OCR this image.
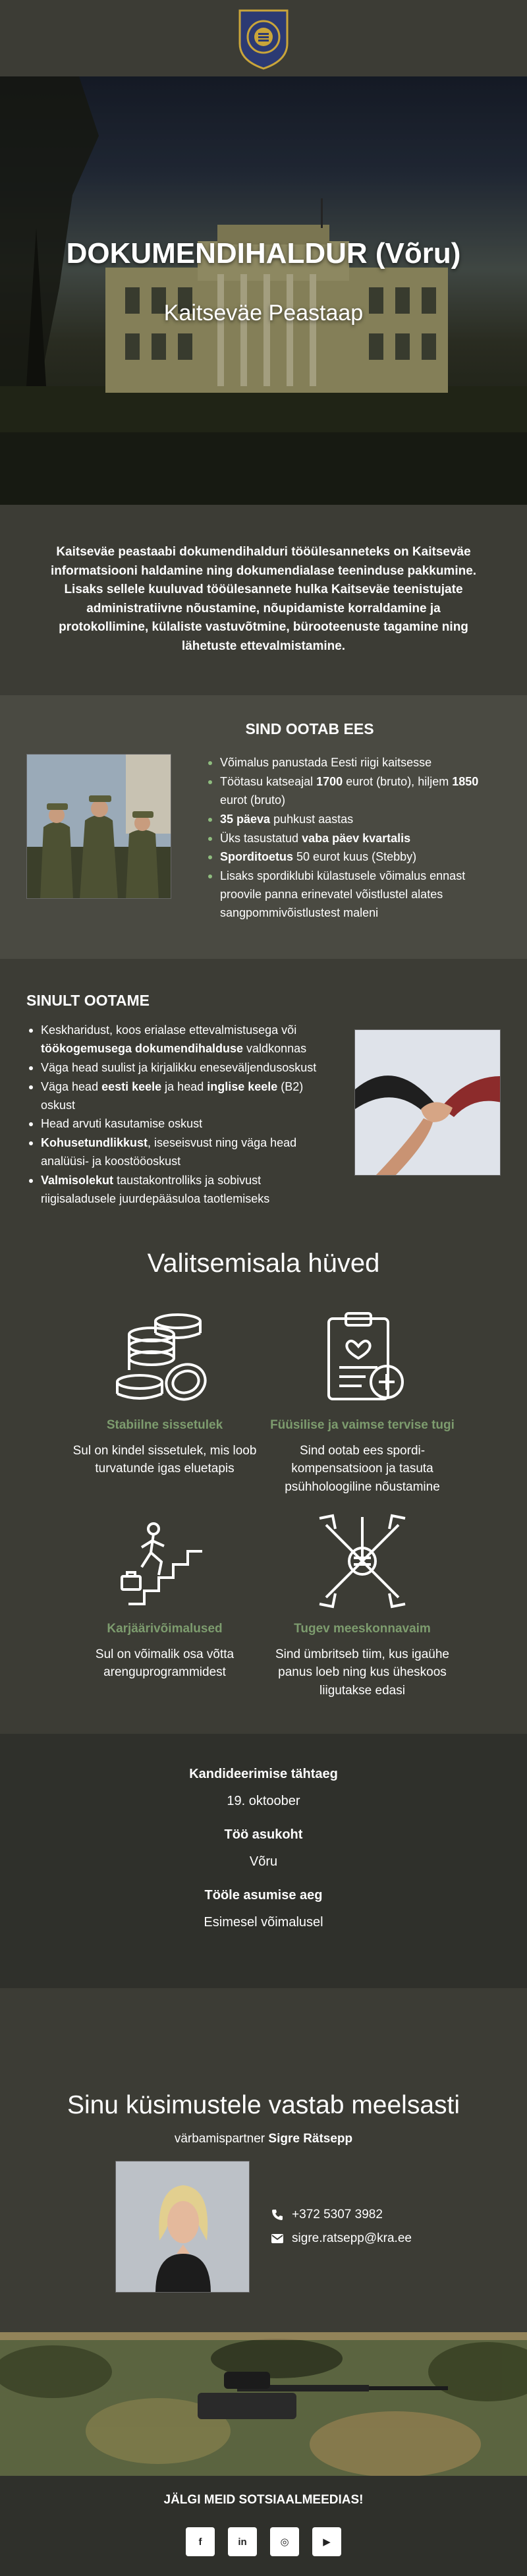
DOKUMENDIHALDUR (Võru)
Kaitseväe Peastaap

Kaitseväe peastaabi dokumendihalduri tööülesanneteks on Kaitseväe informatsiooni haldamine ning dokumendialase teeninduse pakkumine. Lisaks sellele kuuluvad tööülesannete hulka Kaitseväe teenistujate administratiivne nõustamine, nõupidamiste korraldamine ja protokollimine, külaliste vastuvõtmine, bürooteenuste tagamine ning lähetuste ettevalmistamine.

SIND OOTAB EES
Võimalus panustada Eesti riigi kaitsesse
Töötasu katseajal 1700 eurot (bruto), hiljem 1850 eurot (bruto)
35 päeva puhkust aastas
Üks tasustatud vaba päev kvartalis
Sporditoetus 50 eurot kuus (Stebby)
Lisaks spordiklubi külastusele võimalus ennast proovile panna erinevatel võistlustel alates sangpommivõistlustest maleni
SINULT OOTAME
Keskharidust, koos erialase ettevalmistusega või töökogemusega dokumendihalduse valdkonnas
Väga head suulist ja kirjalikku eneseväljendusoskust
Väga head eesti keele ja head inglise keele (B2) oskust
Head arvuti kasutamise oskust
Kohusetundlikkust, iseseisvust ning väga head analüüsi- ja koostööoskust
Valmisolekut taustakontrolliks ja sobivust riigisaladusele juurdepääsuloa taotlemiseks
Valitsemisala hüved
Stabiilne sissetulek
Sul on kindel sissetulek, mis loob turvatunde igas eluetapis
Füüsilise ja vaimse tervise tugi
Sind ootab ees spordi-kompensatsioon ja tasuta psühholoogiline nõustamine
Karjäärivõimalused
Sul on võimalik osa võtta arenguprogrammidest
Tugev meeskonnavaim
Sind ümbritseb tiim, kus igaühe panus loeb ning kus üheskoos liigutakse edasi
Kandideerimise tähtaeg
19. oktoober
Töö asukoht
Võru
Tööle asumise aeg
Esimesel võimalusel
Sinu küsimustele vastab meelsasti
värbamispartner Sigre Rätsepp
+372 5307 3982
sigre.ratsepp@kra.ee
JÄLGI MEID SOTSIAALMEEDIAS!
f	in	◎	▶
